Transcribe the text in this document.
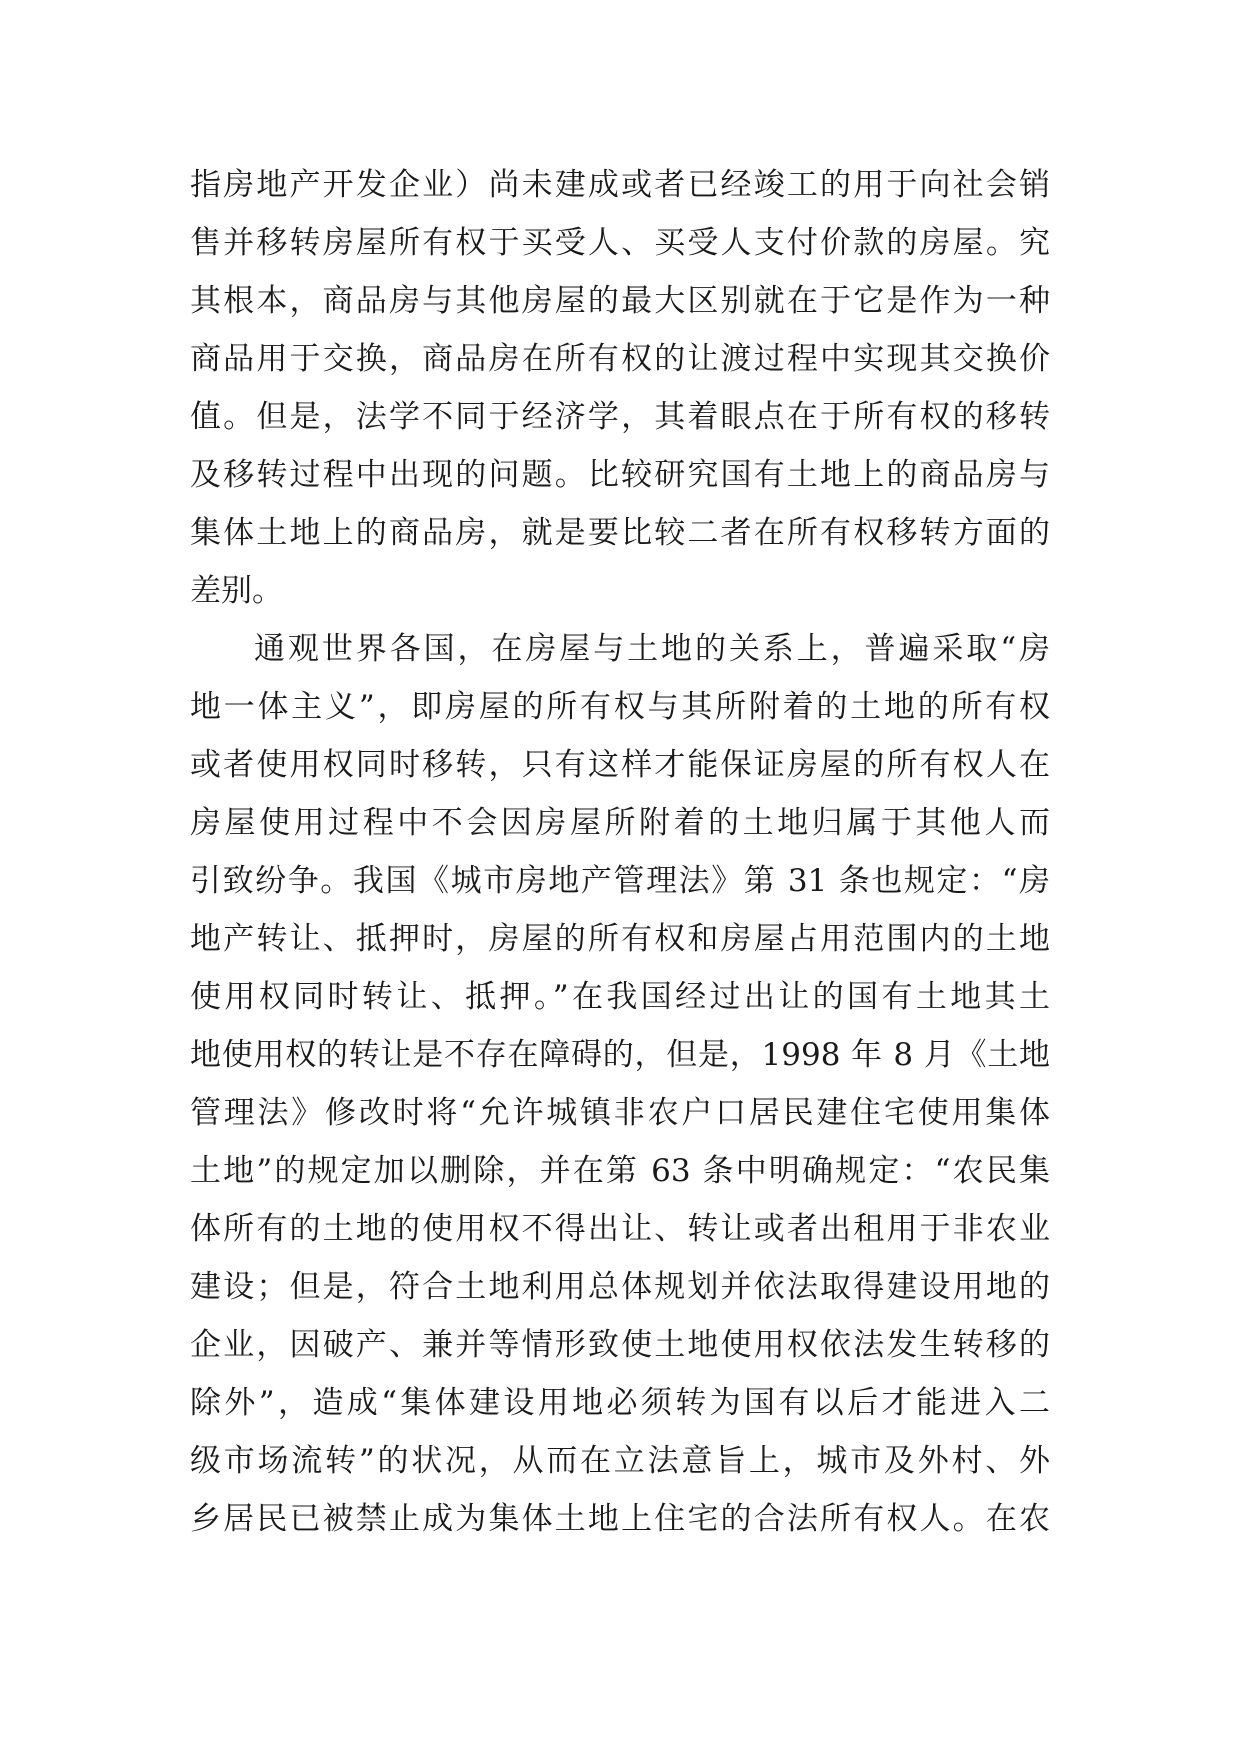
指房地产开发企业）尚未建成或者已经竣工的用于向社会销
售并移转房屋所有权于买受人、买受人支付价款的房屋。究
其根本，商品房与其他房屋的最大区别就在于它是作为一种
商品用于交换，商品房在所有权的让渡过程中实现其交换价
值。但是，法学不同于经济学，其着眼点在于所有权的移转
及移转过程中出现的问题。比较研究国有土地上的商品房与
集体土地上的商品房，就是要比较二者在所有权移转方面的
差别。
通观世界各国，在房屋与土地的关系上，普遍采取“房
地一体主义”，即房屋的所有权与其所附着的土地的所有权
或者使用权同时移转，只有这样才能保证房屋的所有权人在
房屋使用过程中不会因房屋所附着的土地归属于其他人而
引致纷争。我国《城市房地产管理法》第 31 条也规定：“房
地产转让、抵押时，房屋的所有权和房屋占用范围内的土地
使用权同时转让、抵押。”在我国经过出让的国有土地其土
地使用权的转让是不存在障碍的，但是，1998 年 8 月《土地
管理法》修改时将“允许城镇非农户口居民建住宅使用集体
土地”的规定加以删除，并在第 63 条中明确规定：“农民集
体所有的土地的使用权不得出让、转让或者出租用于非农业
建设；但是，符合土地利用总体规划并依法取得建设用地的
企业，因破产、兼并等情形致使土地使用权依法发生转移的
除外”，造成“集体建设用地必须转为国有以后才能进入二
级市场流转”的状况，从而在立法意旨上，城市及外村、外
乡居民已被禁止成为集体土地上住宅的合法所有权人。在农
